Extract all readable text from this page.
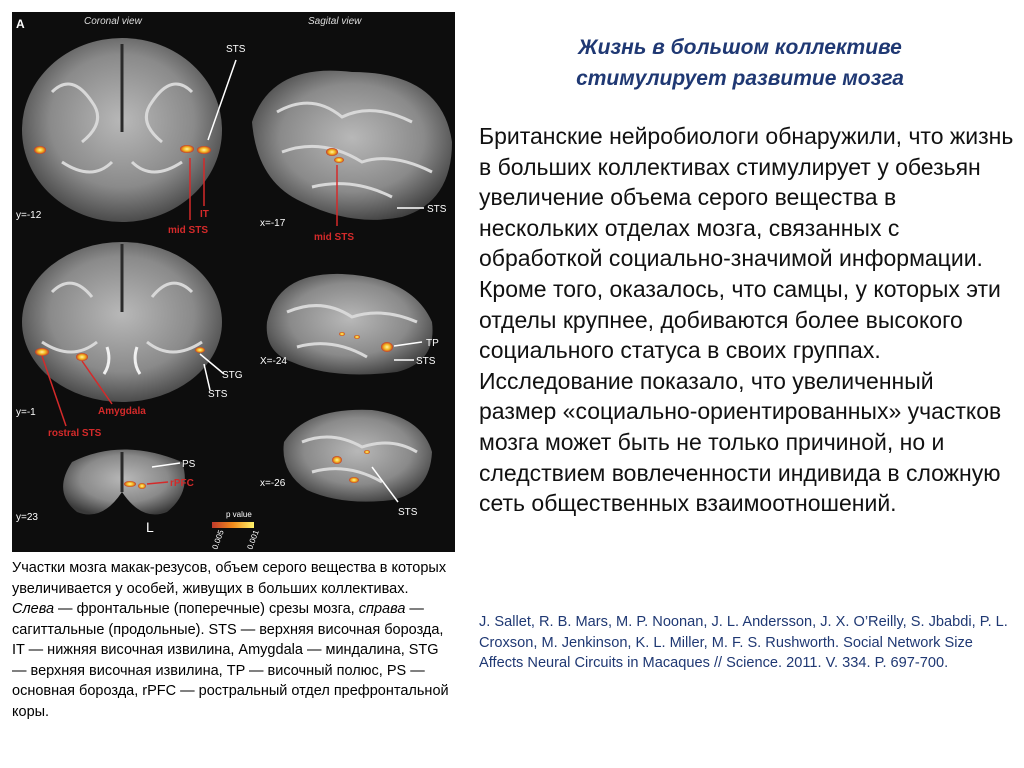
A	Coronal view	Sagital view
y=-12
STS
IT
mid STS
x=-17
STS
mid STS
y=-1
STG
STS
Amygdala
rostral STS
X=-24
TP
STS
y=23
PS
rPFC
L
x=-26
STS
p value
0.005 0.001
Участки мозга макак-резусов, объем серого вещества в которых увеличивается у особей, живущих в больших коллективах. Слева — фронтальные (поперечные) срезы мозга, справа — сагиттальные (продольные). STS — верхняя височная борозда, IT — нижняя височная извилина, Amygdala — миндалина, STG — верхняя височная извилина, TP — височный полюс, PS — основная борозда, rPFC — ростральный отдел префронтальной коры.
Жизнь в большом коллективе стимулирует развитие мозга
Британские нейробиологи обнаружили, что жизнь в больших коллективах стимулирует у обезьян увеличение объема серого вещества в нескольких отделах мозга, связанных с обработкой социально-значимой информации. Кроме того, оказалось, что самцы, у которых эти отделы крупнее, добиваются более высокого социального статуса в своих группах. Исследование показало, что увеличенный размер «социально-ориентированных» участков мозга может быть не только причиной, но и следствием вовлеченности индивида в сложную сеть общественных взаимоотношений.
J. Sallet, R. B. Mars, M. P. Noonan, J. L. Andersson, J. X. O’Reilly, S. Jbabdi, P. L. Croxson, M. Jenkinson, K. L. Miller, M. F. S. Rushworth. Social Network Size Affects Neural Circuits in Macaques // Science. 2011. V. 334. P. 697-700.
